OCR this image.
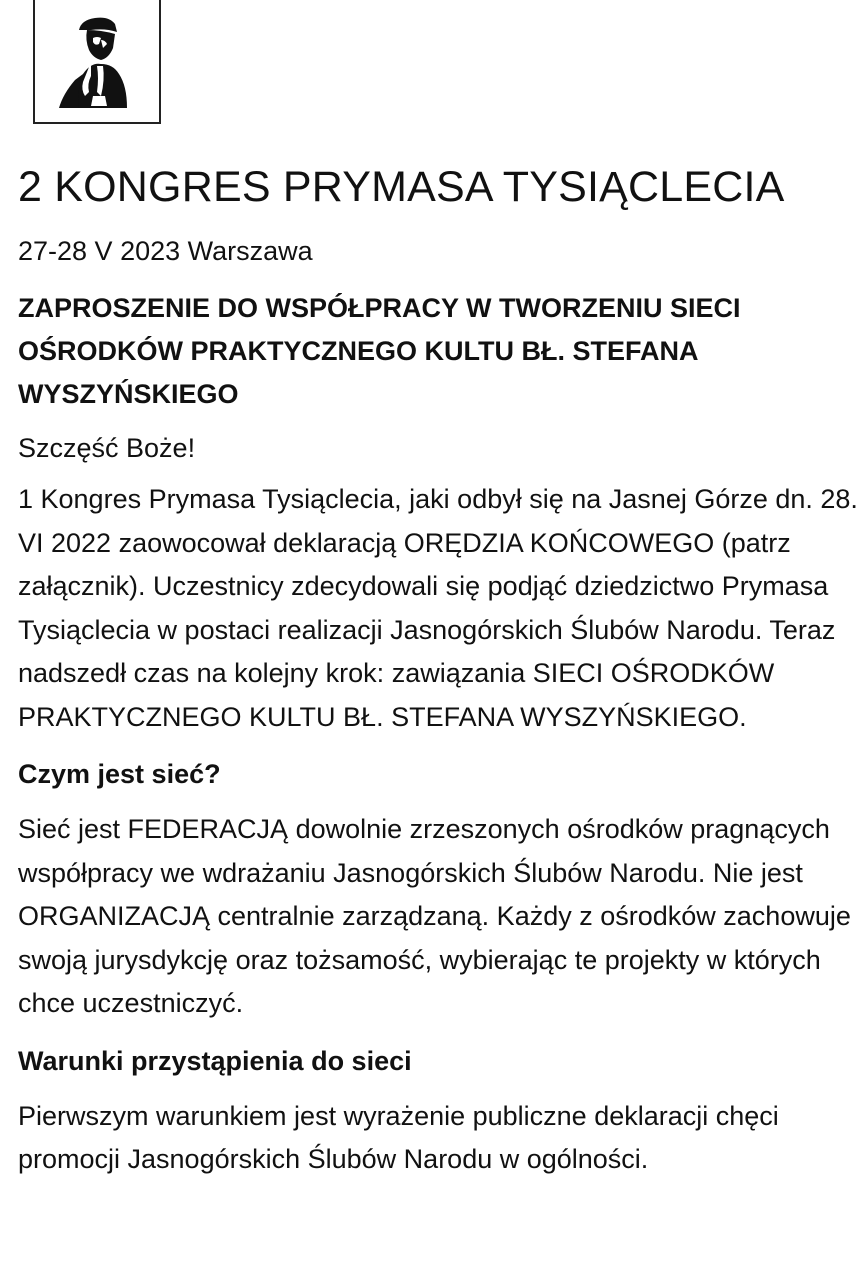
2 KONGRES PRYMASA TYSIĄCLECIA

27-28 V 2023 Warszawa

ZAPROSZENIE DO WSPÓŁPRACY W TWORZENIU SIECI OŚRODKÓW PRAKTYCZNEGO KULTU BŁ. STEFANA WYSZYŃSKIEGO

Szczęść Boże!

1 Kongres Prymasa Tysiąclecia, jaki odbył się na Jasnej Górze dn. 28. VI 2022 zaowocował deklaracją ORĘDZIA KOŃCOWEGO (patrz załącznik). Uczestnicy zdecydowali się podjąć dziedzictwo Prymasa Tysiąclecia w postaci realizacji Jasnogórskich Ślubów Narodu. Teraz nadszedł czas na kolejny krok: zawiązania SIECI OŚRODKÓW PRAKTYCZNEGO KULTU BŁ. STEFANA WYSZYŃSKIEGO.

Czym jest sieć?

Sieć jest FEDERACJĄ dowolnie zrzeszonych ośrodków pragnących współpracy we wdrażaniu Jasnogórskich Ślubów Narodu. Nie jest ORGANIZACJĄ centralnie zarządzaną. Każdy z ośrodków zachowuje swoją jurysdykcję oraz tożsamość, wybierając te projekty w których chce uczestniczyć.

Warunki przystąpienia do sieci

Pierwszym warunkiem jest wyrażenie publiczne deklaracji chęci promocji Jasnogórskich Ślubów Narodu w ogólności.
